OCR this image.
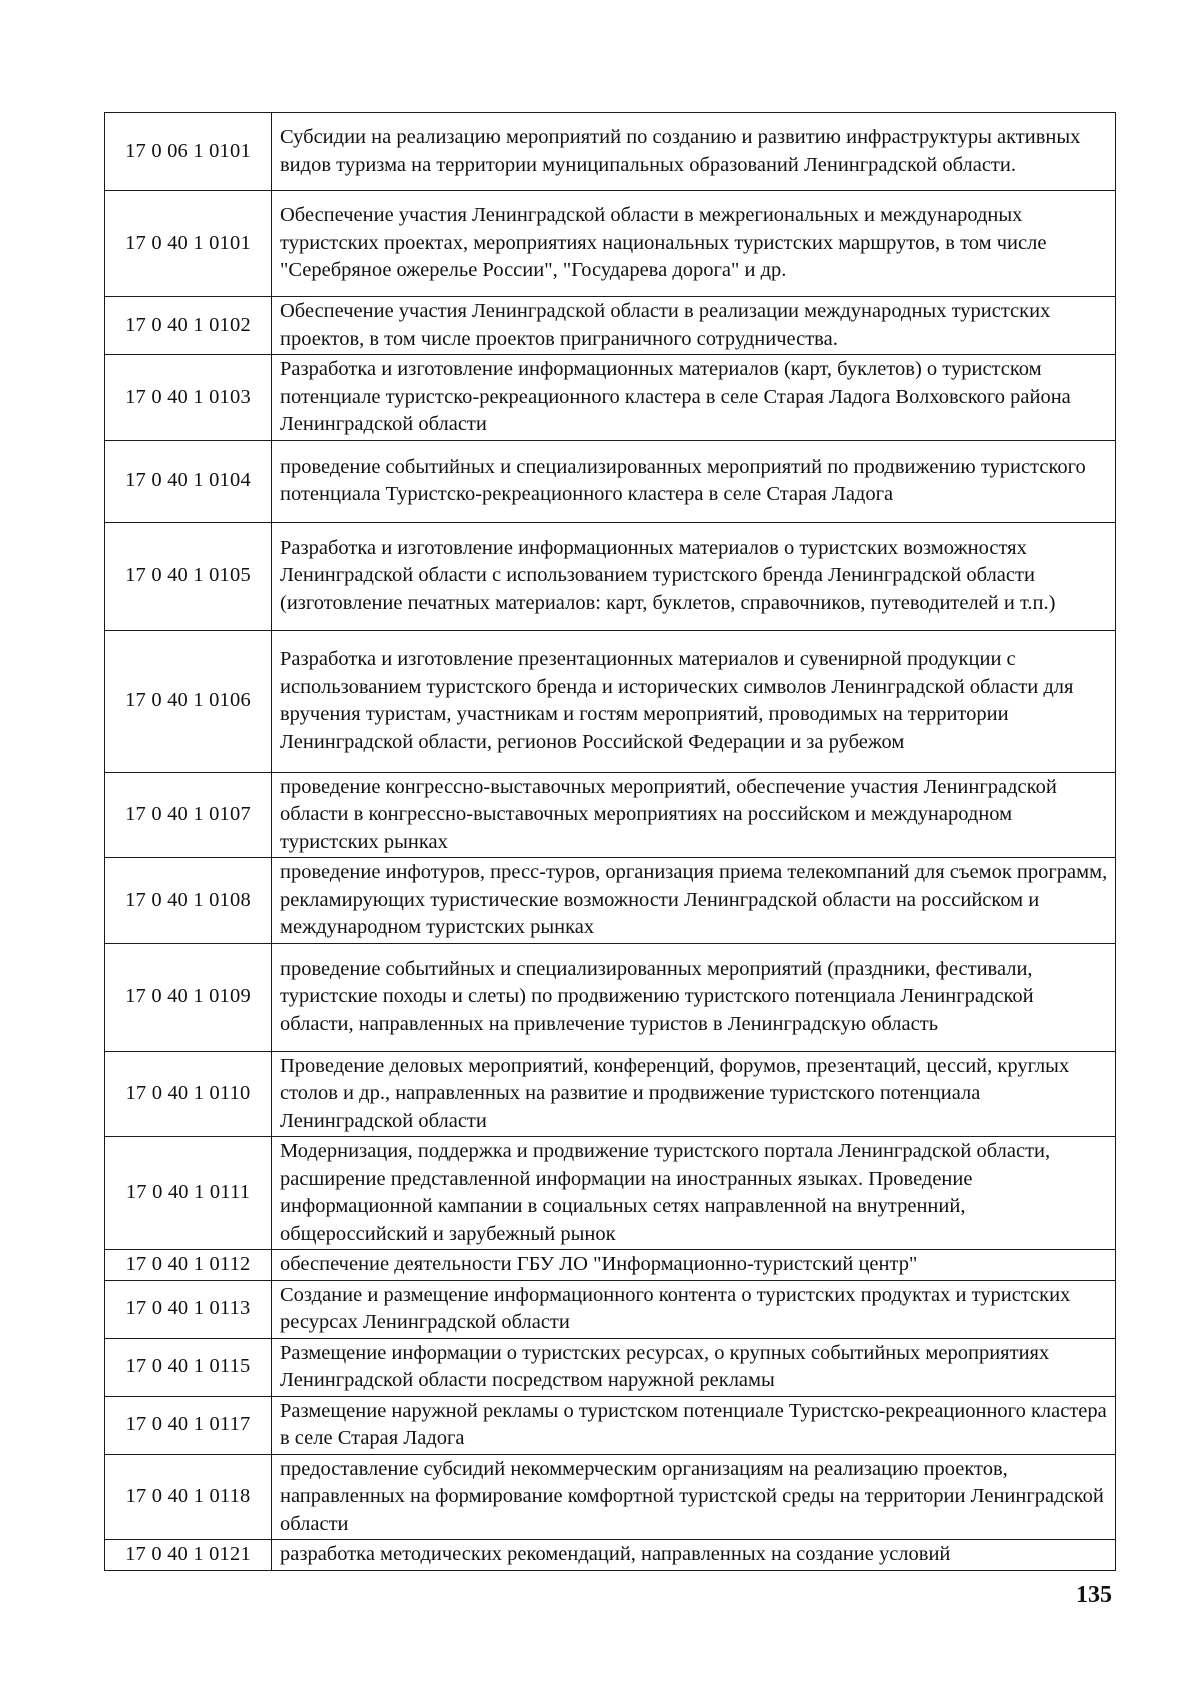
17 0 06 1 0101	Субсидии на реализацию мероприятий по созданию и развитию инфраструктуры активных видов туризма на территории муниципальных образований Ленинградской области.
17 0 40 1 0101	Обеспечение участия Ленинградской области в межрегиональных и международных туристских проектах, мероприятиях национальных туристских маршрутов, в том числе "Серебряное ожерелье России", "Государева дорога" и др.
17 0 40 1 0102	Обеспечение участия Ленинградской области в реализации международных туристских проектов, в том числе проектов приграничного сотрудничества.
17 0 40 1 0103	Разработка и изготовление информационных материалов (карт, буклетов) о туристском потенциале туристско-рекреационного кластера в селе Старая Ладога Волховского района Ленинградской области
17 0 40 1 0104	проведение событийных и специализированных мероприятий по продвижению туристского потенциала Туристско-рекреационного кластера в селе Старая Ладога
17 0 40 1 0105	Разработка и изготовление информационных материалов о туристских возможностях Ленинградской области с использованием туристского бренда Ленинградской области (изготовление печатных материалов: карт, буклетов, справочников, путеводителей и т.п.)
17 0 40 1 0106	Разработка и изготовление презентационных материалов и сувенирной продукции с использованием туристского бренда и исторических символов Ленинградской области для вручения туристам, участникам и гостям мероприятий, проводимых на территории Ленинградской области, регионов Российской Федерации и за рубежом
17 0 40 1 0107	проведение конгрессно-выставочных мероприятий, обеспечение участия Ленинградской области в конгрессно-выставочных мероприятиях на российском и международном туристских рынках
17 0 40 1 0108	проведение инфотуров, пресс-туров, организация приема телекомпаний для съемок программ, рекламирующих туристические возможности Ленинградской области на российском и международном туристских рынках
17 0 40 1 0109	проведение событийных и специализированных мероприятий (праздники, фестивали, туристские походы и слеты) по продвижению туристского потенциала Ленинградской области, направленных на привлечение туристов в Ленинградскую область
17 0 40 1 0110	Проведение деловых мероприятий, конференций, форумов, презентаций, цессий, круглых столов и др., направленных на развитие и продвижение туристского потенциала Ленинградской области
17 0 40 1 0111	Модернизация, поддержка и продвижение туристского портала Ленинградской области, расширение представленной информации на иностранных языках. Проведение информационной кампании в социальных сетях направленной на внутренний, общероссийский и зарубежный рынок
17 0 40 1 0112	обеспечение деятельности ГБУ ЛО "Информационно-туристский центр"
17 0 40 1 0113	Создание и размещение информационного контента о туристских продуктах и туристских ресурсах Ленинградской области
17 0 40 1 0115	Размещение информации о туристских ресурсах, о крупных событийных мероприятиях Ленинградской области посредством наружной рекламы
17 0 40 1 0117	Размещение наружной рекламы о туристском потенциале Туристско-рекреационного кластера в селе Старая Ладога
17 0 40 1 0118	предоставление субсидий некоммерческим организациям на реализацию проектов, направленных на формирование комфортной туристской среды на территории Ленинградской области
17 0 40 1 0121	разработка методических рекомендаций, направленных на создание условий
135
